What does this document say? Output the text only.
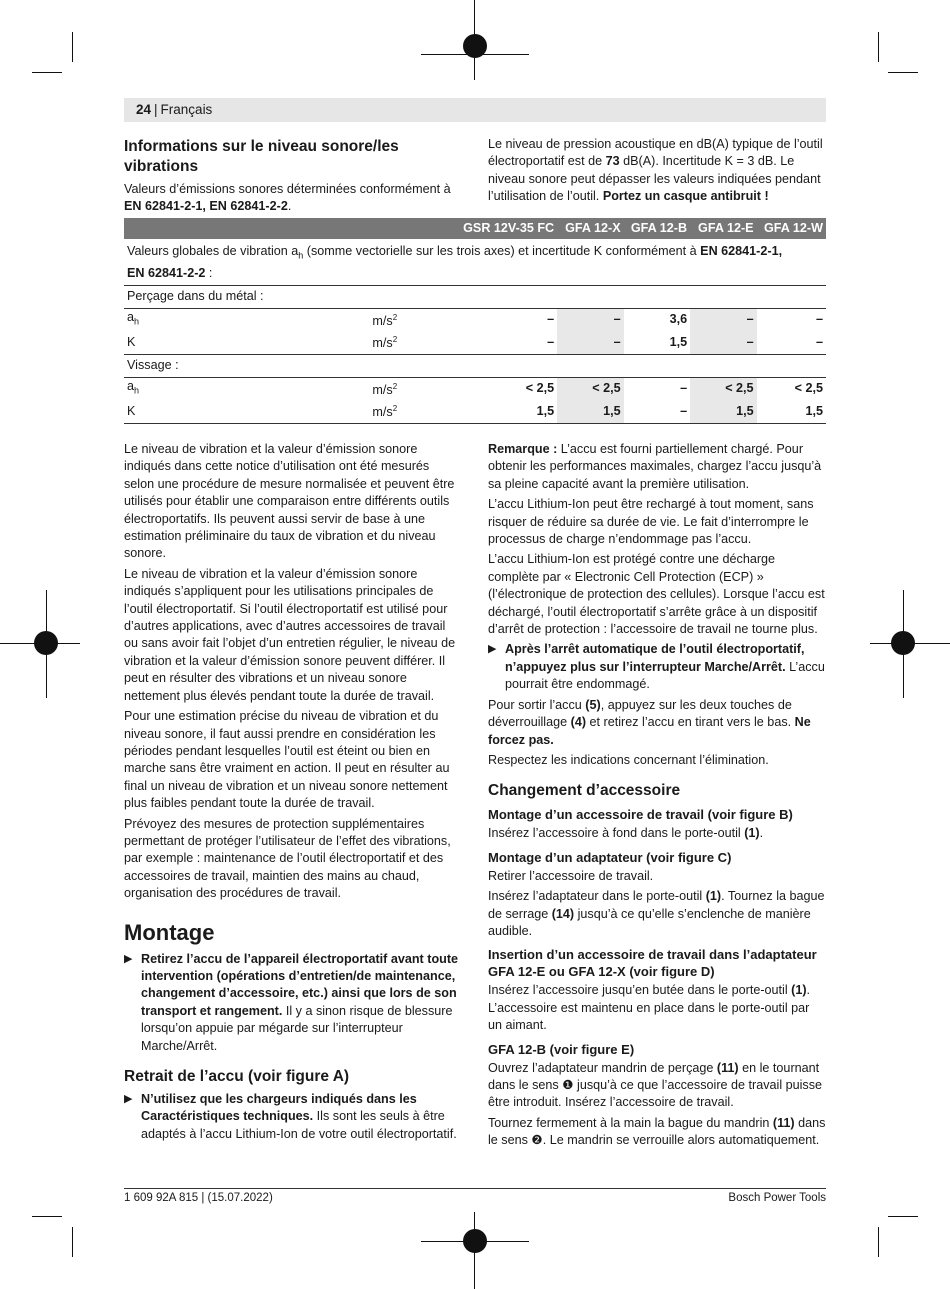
24 | Français
Informations sur le niveau sonore/les vibrations

Valeurs d’émissions sonores déterminées conformément à EN 62841-2-1, EN 62841-2-2.

Le niveau de pression acoustique en dB(A) typique de l’outil électroportatif est de 73 dB(A). Incertitude K = 3 dB. Le niveau sonore peut dépasser les valeurs indiquées pendant l’utilisation de l’outil. Portez un casque antibruit !

		GSR 12V-35 FC	GFA 12-X	GFA 12-B	GFA 12-E	GFA 12-W
Valeurs globales de vibration $a_h$ (somme vectorielle sur les trois axes) et incertitude K conformément à EN 62841-2-1,
EN 62841-2-2 :						
Perçage dans du métal :						
$a_h$	$m/s^2$	–	–	3,6	–	–
K	$m/s^2$	–	–	1,5	–	–
Vissage :						
$a_h$	$m/s^2$	< 2,5	< 2,5	–	< 2,5	< 2,5
K	$m/s^2$	1,5	1,5	–	1,5	1,5

Le niveau de vibration et la valeur d’émission sonore indiqués dans cette notice d’utilisation ont été mesurés selon une procédure de mesure normalisée et peuvent être utilisés pour établir une comparaison entre différents outils électroportatifs. Ils peuvent aussi servir de base à une estimation préliminaire du taux de vibration et du niveau sonore.

Le niveau de vibration et la valeur d’émission sonore indiqués s’appliquent pour les utilisations principales de l’outil électroportatif. Si l’outil électroportatif est utilisé pour d’autres applications, avec d’autres accessoires de travail ou sans avoir fait l’objet d’un entretien régulier, le niveau de vibration et la valeur d’émission sonore peuvent différer. Il peut en résulter des vibrations et un niveau sonore nettement plus élevés pendant toute la durée de travail.

Pour une estimation précise du niveau de vibration et du niveau sonore, il faut aussi prendre en considération les périodes pendant lesquelles l’outil est éteint ou bien en marche sans être vraiment en action. Il peut en résulter au final un niveau de vibration et un niveau sonore nettement plus faibles pendant toute la durée de travail.

Prévoyez des mesures de protection supplémentaires permettant de protéger l’utilisateur de l’effet des vibrations, par exemple : maintenance de l’outil électroportatif et des accessoires de travail, maintien des mains au chaud, organisation des procédures de travail.

Montage
▶ Retirez l’accu de l’appareil électroportatif avant toute intervention (opérations d’entretien/de maintenance, changement d’accessoire, etc.) ainsi que lors de son transport et rangement. Il y a sinon risque de blessure lorsqu’on appuie par mégarde sur l’interrupteur Marche/Arrêt.
Retrait de l’accu (voir figure A)
▶ N’utilisez que les chargeurs indiqués dans les Caractéristiques techniques. Ils sont les seuls à être adaptés à l’accu Lithium-Ion de votre outil électroportatif.

Remarque : L’accu est fourni partiellement chargé. Pour obtenir les performances maximales, chargez l’accu jusqu’à sa pleine capacité avant la première utilisation.

L’accu Lithium-Ion peut être rechargé à tout moment, sans risquer de réduire sa durée de vie. Le fait d’interrompre le processus de charge n’endommage pas l’accu.

L’accu Lithium-Ion est protégé contre une décharge complète par « Electronic Cell Protection (ECP) » (l’électronique de protection des cellules). Lorsque l’accu est déchargé, l’outil électroportatif s’arrête grâce à un dispositif d’arrêt de protection : l’accessoire de travail ne tourne plus.

▶ Après l’arrêt automatique de l’outil électroportatif, n’appuyez plus sur l’interrupteur Marche/Arrêt. L’accu pourrait être endommagé.

Pour sortir l’accu (5), appuyez sur les deux touches de déverrouillage (4) et retirez l’accu en tirant vers le bas. Ne forcez pas.

Respectez les indications concernant l’élimination.

Changement d’accessoire
Montage d’un accessoire de travail (voir figure B)

Insérez l’accessoire à fond dans le porte-outil (1).

Montage d’un adaptateur (voir figure C)

Retirer l’accessoire de travail.

Insérez l’adaptateur dans le porte-outil (1). Tournez la bague de serrage (14) jusqu’à ce qu’elle s’enclenche de manière audible.

Insertion d’un accessoire de travail dans l’adaptateur GFA 12-E ou GFA 12-X (voir figure D)

Insérez l’accessoire jusqu’en butée dans le porte-outil (1). L’accessoire est maintenu en place dans le porte-outil par un aimant.

GFA 12-B (voir figure E)

Ouvrez l’adaptateur mandrin de perçage (11) en le tournant dans le sens ❶ jusqu’à ce que l’accessoire de travail puisse être introduit. Insérez l’accessoire de travail.

Tournez fermement à la main la bague du mandrin (11) dans le sens ❷. Le mandrin se verrouille alors automatiquement.

1 609 92A 815 | (15.07.2022)	Bosch Power Tools
